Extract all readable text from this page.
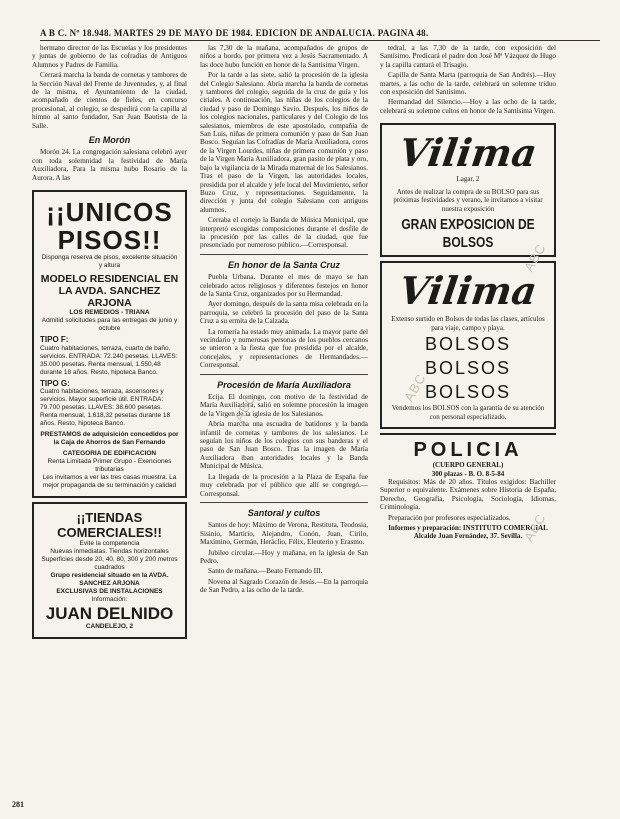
A B C. Nº 18.948. MARTES 29 DE MAYO DE 1984. EDICION DE ANDALUCIA. PAGINA 48.

hermano director de las Escuelas y los presidentes y juntas de gobierno de las cofradías de Antiguos Alumnos y Padres de Familia.

Cerrará marcha la banda de cornetas y tambores de la Sección Naval del Frente de Juventudes, y, al final de la misma, el Ayuntamiento de la ciudad, acompañado de cientos de fieles, en concurso procesional, al colegio, se despedirá con la capilla al himno al santo fundador, San Juan Bautista de la Salle.

En Morón

Morón 24. La congregación salesiana celebró ayer con toda solemnidad la festividad de María Auxiliadora, Para la misma hubo Rosario de la Aurora. A las

¡¡UNICOS
PISOS!!
Disponga reserva de pisos, excelente situación y altura
MODELO RESIDENCIAL EN LA AVDA. SANCHEZ ARJONA
LOS REMEDIOS - TRIANA
Admitid solicitudes para las entregas de junio y octubre
TIPO F:
Cuatro habitaciones, terraza, cuarto de baño, servicios. ENTRADA: 72.240 pesetas. LLAVES: 35.000 pesetas. Renta mensual, 1.550,48 durante 18 años. Resto, hipoteca Banco.
TIPO G:
Cuatro habitaciones, terraza, ascensores y servicios. Mayor superficie útil. ENTRADA: 79.700 pesetas. LLAVES: 38.600 pesetas. Renta mensual, 1.618,32 pesetas durante 18 años. Resto, hipoteca Banco.
PRESTAMOS de adquisición concedidos por la Caja de Ahorros de San Fernando
CATEGORIA DE EDIFICACION
Renta Limitada Primer Grupo - Exenciones tributarias
Les invitamos a ver las tres casas muestra. La mejor propaganda de su terminación y calidad
¡¡TIENDAS COMERCIALES!!
Evite la competencia
Nuevas inmediatas. Tiendas horizontales Superficies desde 20, 40, 80, 300 y 200 metros cuadrados
Grupo residencial situado en la AVDA. SANCHEZ ARJONA
EXCLUSIVAS DE INSTALACIONES
Información:
JUAN DELNIDO
CANDELEJO, 2

las 7,30 de la mañana, acompañados de grupos de niños a bordo, por primera vez a Jesús Sacramentado. A las doce hubo función en honor de la Santísima Virgen.

Por la tarde a las siete, salió la procesión de la iglesia del Colegio Salesiano. Abría marcha la banda de cornetas y tambores del colegio, seguida de la cruz de guía y los ciriales. A continuación, las niñas de los colegios de la ciudad y paso de Domingo Savio. Después, los niños de los colegios nacionales, particulares y del Colegio de los salesianos, miembros de este apostolado, compañía de San Luis, niñas de primera comunión y paso de San Juan Bosco. Seguían las Cofradías de María Auxiliadora, coros de la Virgen Lourdes, niñas de primera comunión y paso de la Virgen María Auxiliadora, gran pasito de plata y oro, bajo la vigilancia de la Mirada maternal de los Salesianos. Tras el paso de la Virgen, las autoridades locales, presidida por el alcalde y jefe local del Movimiento, señor Buzo Cruz, y representaciones. Seguidamente, la dirección y junta del colegio Salesiano con antiguos alumnos.

Cerraba el cortejo la Banda de Música Municipal, que interpretó escogidas composiciones durante el desfile de la procesión por las calles de la ciudad, que fue presenciado por numeroso público.—Corresponsal.

En honor de la Santa Cruz

Puebla Urbana. Durante el mes de mayo se han celebrado actos religiosos y diferentes festejos en honor de la Santa Cruz, organizados por su Hermandad.

Ayer domingo, después de la santa misa celebrada en la parroquia, se celebró la procesión del paso de la Santa Cruz a su ermita de la Calzada.

La romería ha estado muy animada. La mayor parte del vecindario y numerosas personas de los pueblos cercanos se unieron a la fiesta que fue presidida por el alcalde, concejales, y representaciones de Hermandades.—Corresponsal.

Procesión de María Auxiliadora

Ecija. El domingo, con motivo de la festividad de María Auxiliadora, salió en solemne procesión la imagen de la Virgen de la iglesia de los Salesianos.

Abría marcha una escuadra de batidores y la banda infantil de cornetas y tambores de los salesianos. Le seguían los niños de los colegios con sus banderas y el paso de San Juan Bosco. Tras la imagen de María Auxiliadora iban autoridades locales y la Banda Municipal de Música.

La llegada de la procesión a la Plaza de España fue muy celebrada por el público que allí se congregó.—Corresponsal.

Santoral y cultos

Santos de hoy: Máximo de Verona, Restituta, Teodosia, Sisinio, Martirio, Alejandro, Conón, Juan, Cirilo, Maximino, Germán, Heráclio, Félix, Eleuterio y Erasmo.

Jubileo circular.—Hoy y mañana, en la iglesia de San Pedro.

Santo de mañana.—Beato Fernando III.

Novena al Sagrado Corazón de Jesús.—En la parroquia de San Pedro, a las ocho de la tarde.

tedral, a las 7,30 de la tarde, con exposición del Santísimo. Predicará el padre don José Mª Vázquez de Hugo y la capilla cantará el Trisagio.

Capilla de Santa Marta (parroquia de San Andrés).—Hoy martes, a las ocho de la tarde, celebrará un solemne triduo con exposición del Santísimo.

Hermandad del Silencio.—Hoy a las ocho de la tarde, celebrará su solemne cultos en honor de la Santísima Virgen.

Vilima
Lagar, 2
Antes de realizar la compra de su BOLSO para sus próximas festividades y verano, le invitamos a visitar nuestra exposición
GRAN EXPOSICION DE BOLSOS
Vilima
Extenso surtido en Bolsos de todas las clases, artículos para viaje, campo y playa.
BOLSOS
BOLSOS
BOLSOS
Vendemos los BOLSOS con la garantía de su atención con personal especializado.
POLICIA
(CUERPO GENERAL)
300 plazas - B. O. 8-5-84

Requisitos: Más de 20 años. Títulos exigidos: Bachiller Superior o equivalente. Exámenes sobre Historia de España, Derecho, Geografía, Psicología, Sociología, Idiomas, Criminología.

Preparación por profesores especializados.

Informes y preparación: INSTITUTO COMERCIAL
Alcalde Juan Fernández, 37. Sevilla.
ABC
ABC
ABC
ABC
281
